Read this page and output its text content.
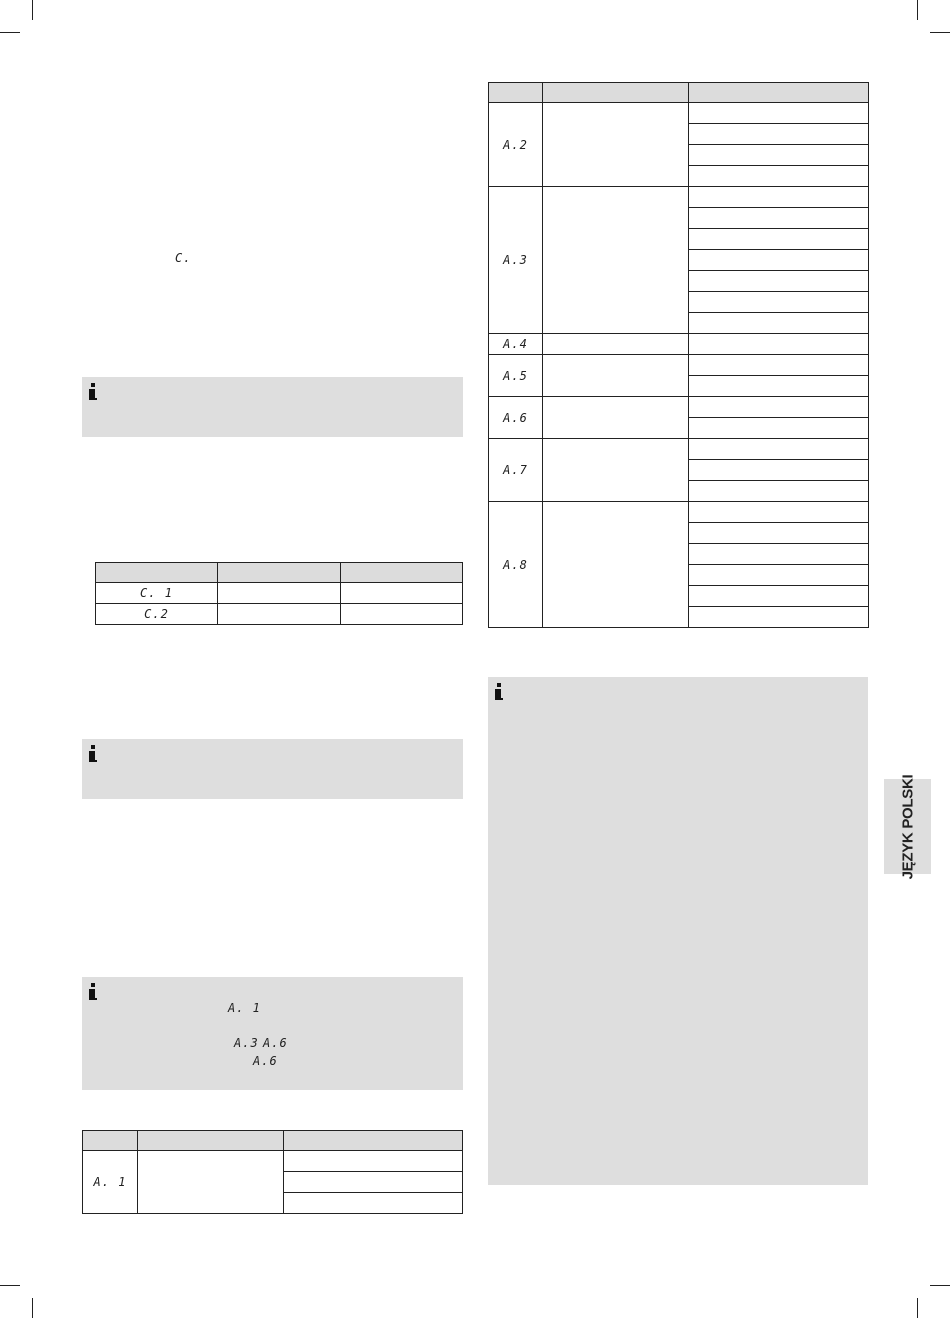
C.

C. 1		
C.2		
A. 1
A.3 A.6
A.6

A. 1		

A.2		

A.3		

A.4		
A.5		

A.6		

A.7		

A.8		

JĘZYK POLSKI
